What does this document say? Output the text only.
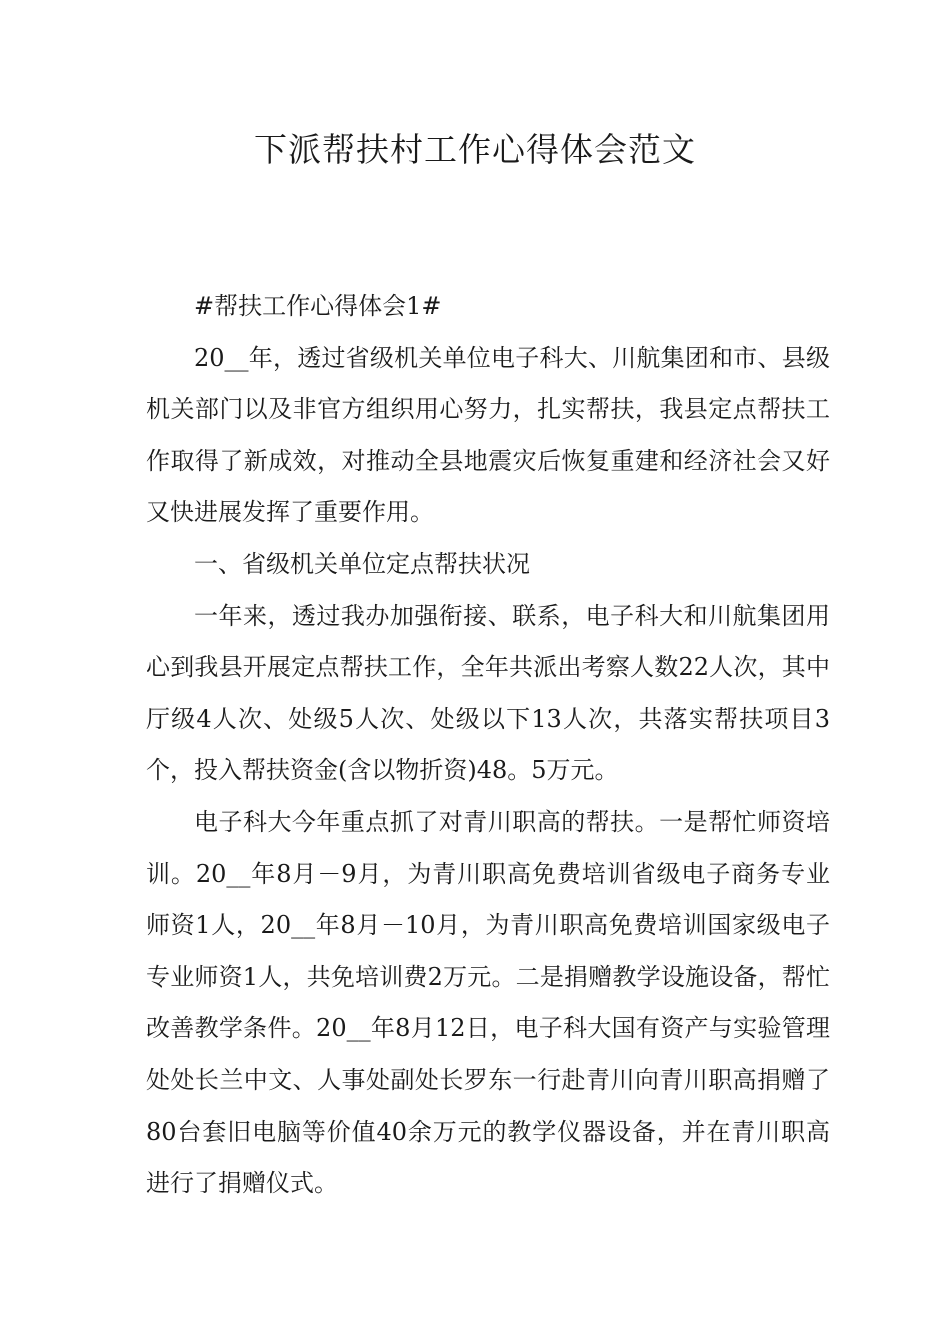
下派帮扶村工作心得体会范文

#帮扶工作心得体会1#

20__年，透过省级机关单位电子科大、川航集团和市、县级机关部门以及非官方组织用心努力，扎实帮扶，我县定点帮扶工作取得了新成效，对推动全县地震灾后恢复重建和经济社会又好又快进展发挥了重要作用。

一、省级机关单位定点帮扶状况

一年来，透过我办加强衔接、联系，电子科大和川航集团用心到我县开展定点帮扶工作，全年共派出考察人数22人次，其中厅级4人次、处级5人次、处级以下13人次，共落实帮扶项目3个，投入帮扶资金(含以物折资)48。5万元。

电子科大今年重点抓了对青川职高的帮扶。一是帮忙师资培训。20__年8月－9月，为青川职高免费培训省级电子商务专业师资1人，20__年8月－10月，为青川职高免费培训国家级电子专业师资1人，共免培训费2万元。二是捐赠教学设施设备，帮忙改善教学条件。20__年8月12日，电子科大国有资产与实验管理处处长兰中文、人事处副处长罗东一行赴青川向青川职高捐赠了80台套旧电脑等价值40余万元的教学仪器设备，并在青川职高进行了捐赠仪式。
